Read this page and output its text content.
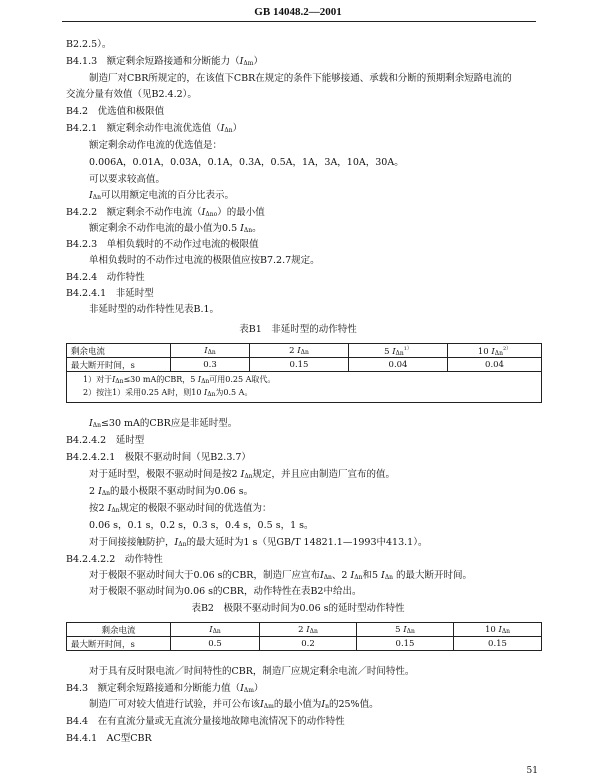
GB 14048.2—2001
B2.2.5）。
B4.1.3　额定剩余短路接通和分断能力（IΔm）
制造厂对CBR所规定的，在该值下CBR在规定的条件下能够接通、承载和分断的预期剩余短路电流的
交流分量有效值（见B2.4.2）。
B4.2　优选值和极限值
B4.2.1　额定剩余动作电流优选值（IΔn）
额定剩余动作电流的优选值是：
0.006A，0.01A，0.03A，0.1A，0.3A，0.5A，1A，3A，10A，30A。
可以要求较高值。
IΔn可以用额定电流的百分比表示。
B4.2.2　额定剩余不动作电流（IΔno）的最小值
额定剩余不动作电流的最小值为0.5 IΔn。
B4.2.3　单相负载时的不动作过电流的极限值
单相负载时的不动作过电流的极限值应按B7.2.7规定。
B4.2.4　动作特性
B4.2.4.1　非延时型
非延时型的动作特性见表B.1。
表B1　非延时型的动作特性
剩余电流	IΔn	2 IΔn	5 IΔn$^{1)}$	10 IΔn$^{2)}$
最大断开时间，s	0.3	0.15	0.04	0.04

1）对于IΔn≤30 mA的CBR，5 IΔn可用0.25 A取代。
2）按注1）采用0.25 A时，则10 IΔn为0.5 A。				
IΔn≤30 mA的CBR应是非延时型。
B4.2.4.2　延时型
B4.2.4.2.1　极限不驱动时间（见B2.3.7）
对于延时型，极限不驱动时间是按2 IΔn规定，并且应由制造厂宣布的值。
2 IΔn的最小极限不驱动时间为0.06 s。
按2 IΔn规定的极限不驱动时间的优选值为：
0.06 s，0.1 s，0.2 s，0.3 s，0.4 s，0.5 s，1 s。
对于间接接触防护，IΔn的最大延时为1 s（见GB/T 14821.1—1993中413.1）。
B4.2.4.2.2　动作特性
对于极限不驱动时间大于0.06 s的CBR，制造厂应宣布IΔn、2 IΔn和5 IΔn 的最大断开时间。
对于极限不驱动时间为0.06 s的CBR，动作特性在表B2中给出。
表B2　极限不驱动时间为0.06 s的延时型动作特性
剩余电流	IΔn	2 IΔn	5 IΔn	10 IΔn
最大断开时间，s	0.5	0.2	0.15	0.15
对于具有反时限电流／时间特性的CBR，制造厂应规定剩余电流／时间特性。
B4.3　额定剩余短路接通和分断能力值（IΔm）
制造厂可对较大值进行试验，并可公布该IΔm的最小值为In的25%值。
B4.4　在有直流分量或无直流分量接地故障电流情况下的动作特性
B4.4.1　AC型CBR
51
